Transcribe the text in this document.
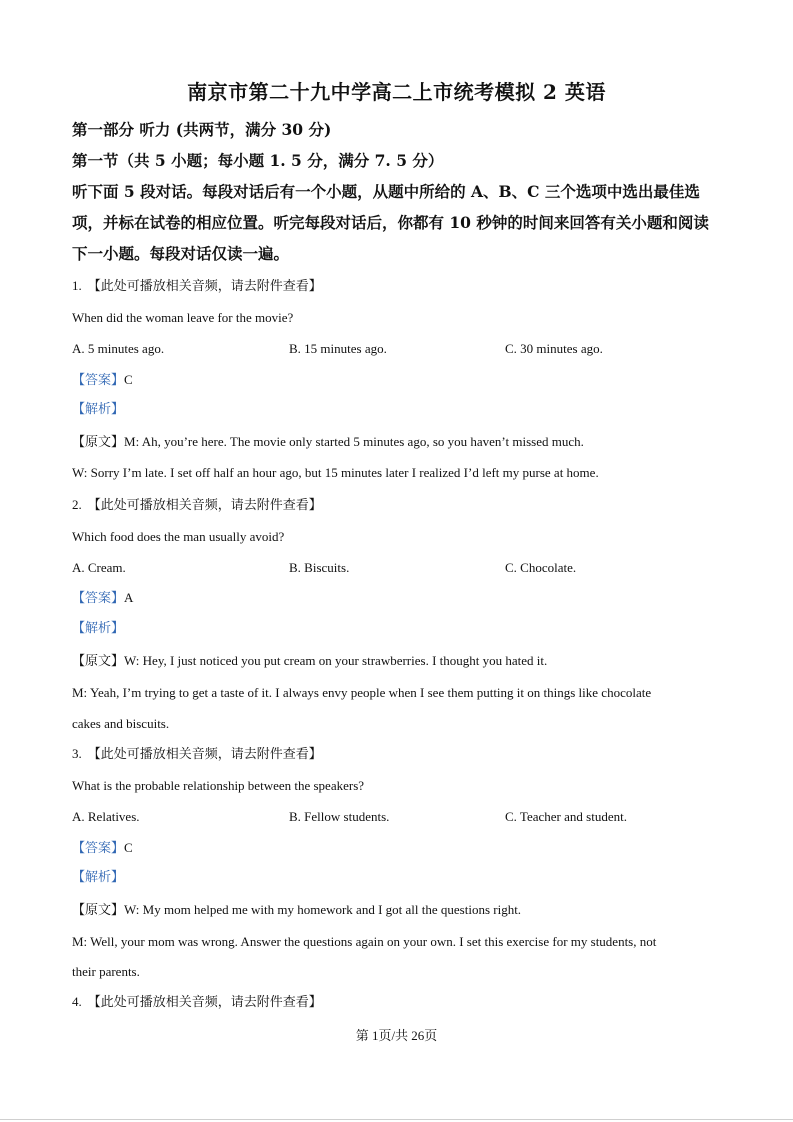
南京市第二十九中学高二上市统考模拟 2 英语
第一部分 听力 (共两节，满分 30 分)
第一节（共 5 小题；每小题 1. 5 分，满分 7. 5 分）
听下面 5 段对话。每段对话后有一个小题，从题中所给的 A、B、C 三个选项中选出最佳选
项，并标在试卷的相应位置。听完每段对话后，你都有 10 秒钟的时间来回答有关小题和阅读
下一小题。每段对话仅读一遍。
1. 【此处可播放相关音频，请去附件查看】
When did the woman leave for the movie?
A. 5 minutes ago.	B. 15 minutes ago.	C. 30 minutes ago.
【答案】C
【解析】
【原文】M: Ah, you’re here. The movie only started 5 minutes ago, so you haven’t missed much.
W: Sorry I’m late. I set off half an hour ago, but 15 minutes later I realized I’d left my purse at home.
2. 【此处可播放相关音频，请去附件查看】
Which food does the man usually avoid?
A. Cream.	B. Biscuits.	C. Chocolate.
【答案】A
【解析】
【原文】W: Hey, I just noticed you put cream on your strawberries. I thought you hated it.
M: Yeah, I’m trying to get a taste of it. I always envy people when I see them putting it on things like chocolate
cakes and biscuits.
3. 【此处可播放相关音频，请去附件查看】
What is the probable relationship between the speakers?
A. Relatives.	B. Fellow students.	C. Teacher and student.
【答案】C
【解析】
【原文】W: My mom helped me with my homework and I got all the questions right.
M: Well, your mom was wrong. Answer the questions again on your own. I set this exercise for my students, not
their parents.
4. 【此处可播放相关音频，请去附件查看】
第 1页/共 26页
